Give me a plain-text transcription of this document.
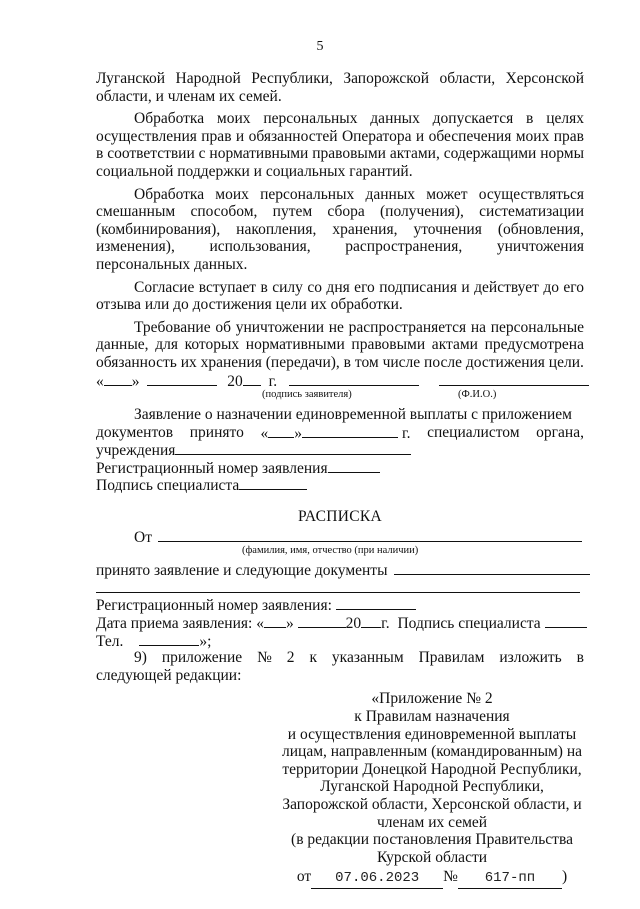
5

Луганской Народной Республики, Запорожской области, Херсонской области, и членам их семей.

Обработка моих персональных данных допускается в целях осуществления прав и обязанностей Оператора и обеспечения моих прав в соответствии с нормативными правовыми актами, содержащими нормы социальной поддержки и социальных гарантий.

Обработка моих персональных данных может осуществляться смешанным способом, путем сбора (получения), систематизации (комбинирования), накопления, хранения, уточнения (обновления, изменения), использования, распространения, уничтожения персональных данных.

Согласие вступает в силу со дня его подписания и действует до его отзыва или до достижения цели их обработки.

Требование об уничтожении не распространяется на персональные данные, для которых нормативными правовыми актами предусмотрена обязанность их хранения (передачи), в том числе после достижения цели.

« »	20 г.
(подпись заявителя)	(Ф.И.О.)

Заявление о назначении единовременной выплаты с приложением

документов принято « »	г. специалистом органа,
учреждения
Регистрационный номер заявления
Подпись специалиста
РАСПИСКА
От
(фамилия, имя, отчество (при наличии)
принято заявление и следующие документы
Регистрационный номер заявления:
Дата приема заявления: « »	20 г. Подпись специалиста
Тел.	»;
9) приложение № 2 к указанным Правилам изложить в
следующей редакции:
«Приложение № 2
к Правилам назначения
и осуществления единовременной выплаты
лицам, направленным (командированным) на
территории Донецкой Народной Республики,
Луганской Народной Республики,
Запорожской области, Херсонской области, и
членам их семей
(в редакции постановления Правительства
Курской области
от 07.06.2023 № 617-пп )
